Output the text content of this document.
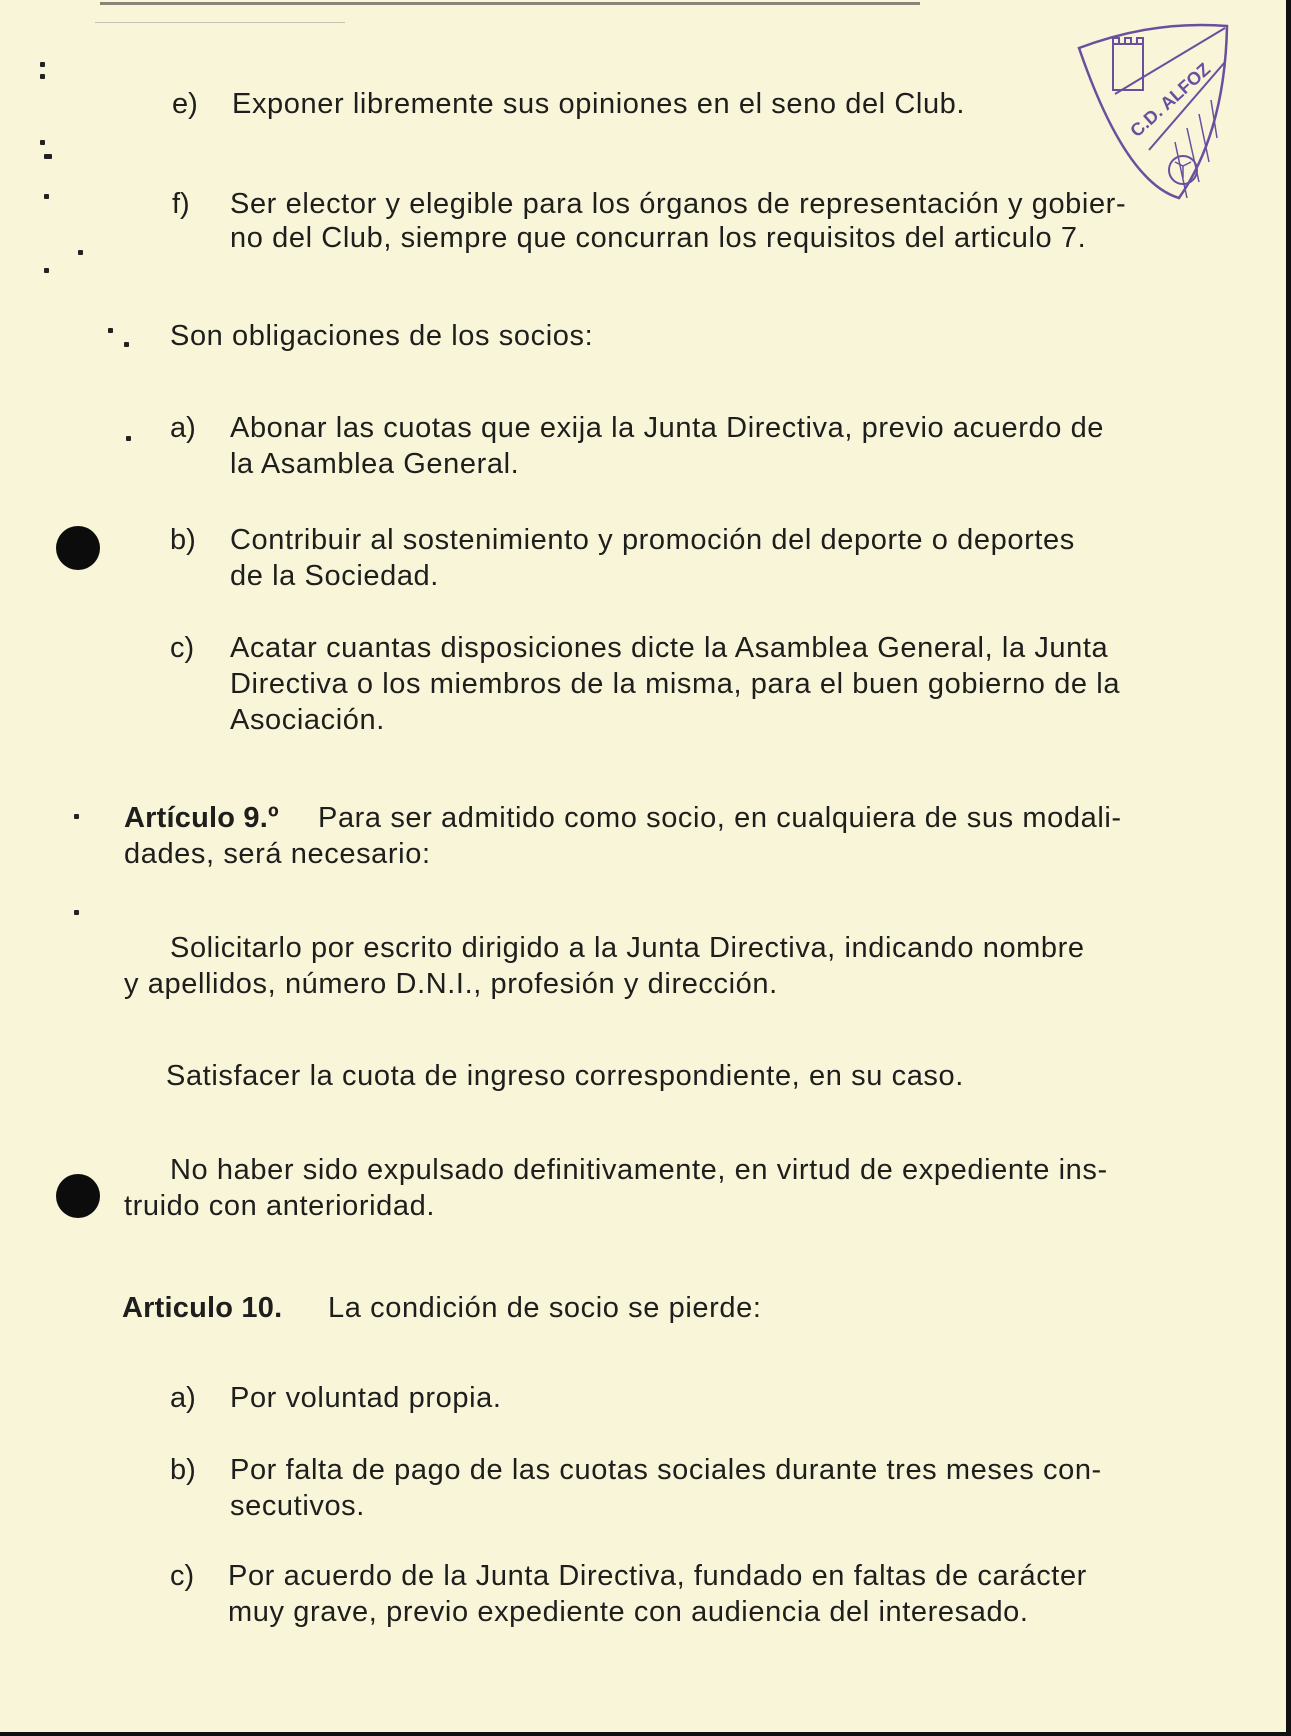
C.D. ALFOZ
e) Exponer libremente sus opiniones en el seno del Club.
f) Ser elector y elegible para los órganos de representación y gobier-
no del Club, siempre que concurran los requisitos del articulo 7.
Son obligaciones de los socios:
a) Abonar las cuotas que exija la Junta Directiva, previo acuerdo de
la Asamblea General.
b) Contribuir al sostenimiento y promoción del deporte o deportes
de la Sociedad.
c) Acatar cuantas disposiciones dicte la Asamblea General, la Junta
Directiva o los miembros de la misma, para el buen gobierno de la
Asociación.
Artículo 9.º Para ser admitido como socio, en cualquiera de sus modali-
dades, será necesario:
Solicitarlo por escrito dirigido a la Junta Directiva, indicando nombre
y apellidos, número D.N.I., profesión y dirección.
Satisfacer la cuota de ingreso correspondiente, en su caso.
No haber sido expulsado definitivamente, en virtud de expediente ins-
truido con anterioridad.
Articulo 10. La condición de socio se pierde:
a) Por voluntad propia.
b) Por falta de pago de las cuotas sociales durante tres meses con-
secutivos.
c) Por acuerdo de la Junta Directiva, fundado en faltas de carácter
muy grave, previo expediente con audiencia del interesado.
